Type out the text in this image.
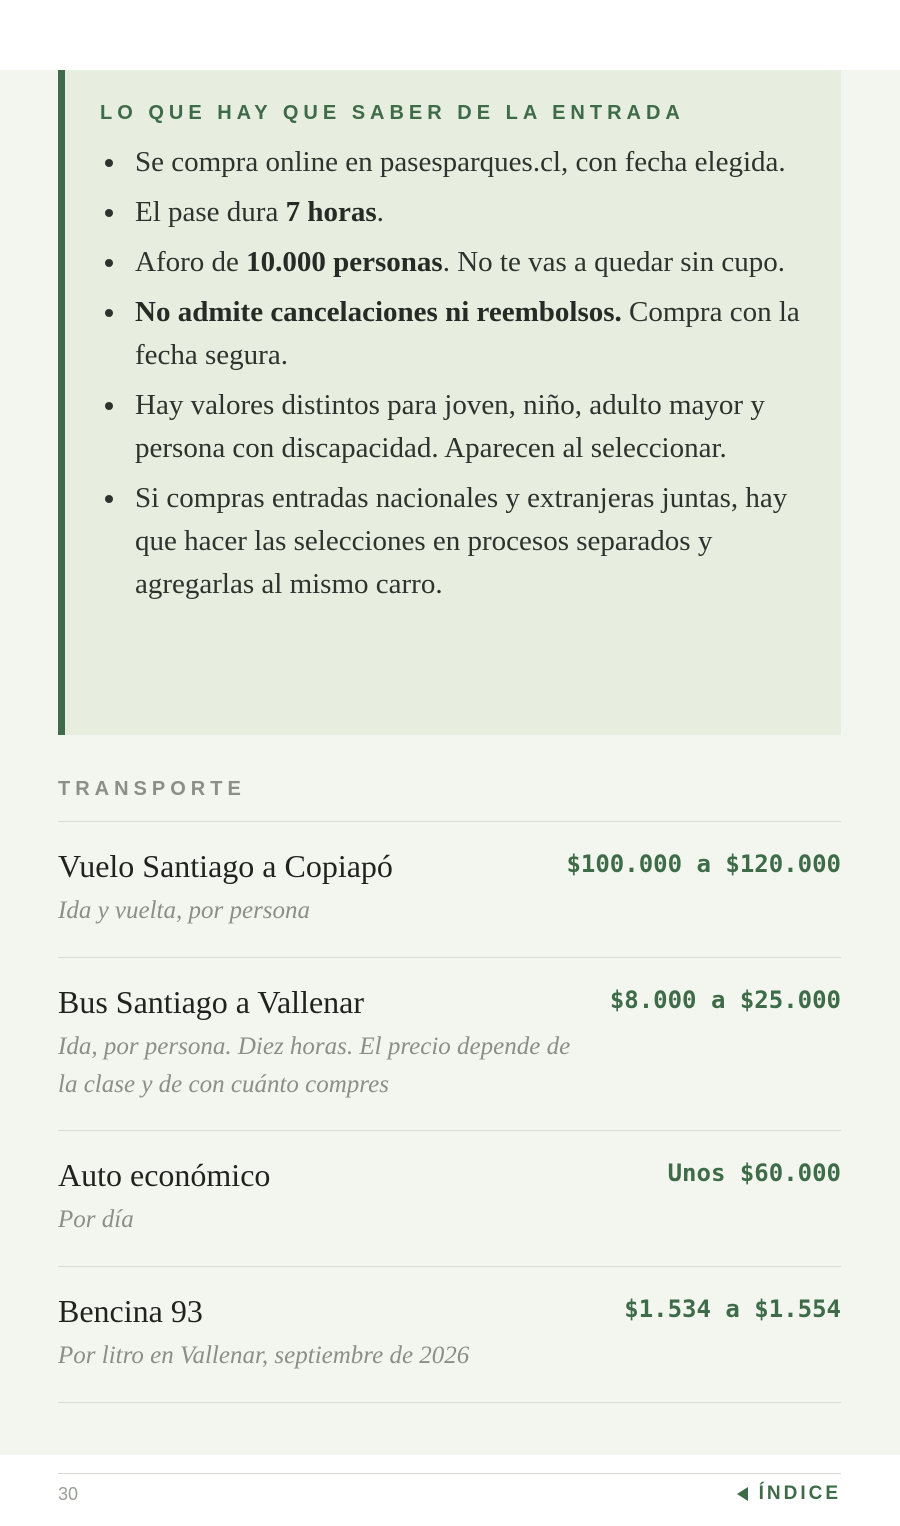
LO QUE HAY QUE SABER DE LA ENTRADA
Se compra online en pasesparques.cl, con fecha elegida.
El pase dura 7 horas.
Aforo de 10.000 personas. No te vas a quedar sin cupo.
No admite cancelaciones ni reembolsos. Compra con la fecha segura.
Hay valores distintos para joven, niño, adulto mayor y persona con discapacidad. Aparecen al seleccionar.
Si compras entradas nacionales y extranjeras juntas, hay que hacer las selecciones en procesos separados y agregarlas al mismo carro.
TRANSPORTE
Vuelo Santiago a Copiapó
Ida y vuelta, por persona
$100.000 a $120.000
Bus Santiago a Vallenar
Ida, por persona. Diez horas. El precio depende de la clase y de con cuánto compres
$8.000 a $25.000
Auto económico
Por día
Unos $60.000
Bencina 93
Por litro en Vallenar, septiembre de 2026
$1.534 a $1.554
30	ÍNDICE
